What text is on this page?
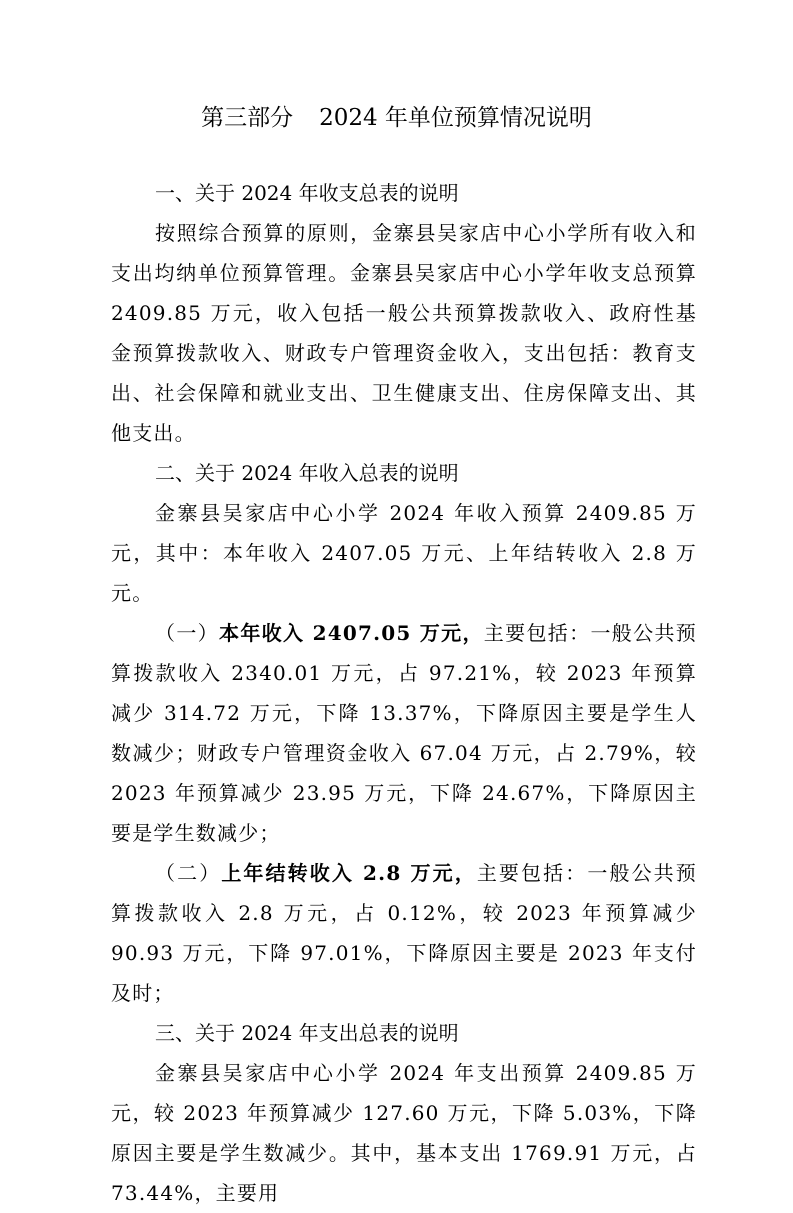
第三部分 2024 年单位预算情况说明

一、关于 2024 年收支总表的说明

按照综合预算的原则，金寨县吴家店中心小学所有收入和支出均纳单位预算管理。金寨县吴家店中心小学年收支总预算2409.85 万元，收入包括一般公共预算拨款收入、政府性基金预算拨款收入、财政专户管理资金收入，支出包括：教育支出、社会保障和就业支出、卫生健康支出、住房保障支出、其他支出。

二、关于 2024 年收入总表的说明

金寨县吴家店中心小学 2024 年收入预算 2409.85 万元，其中：本年收入 2407.05 万元、上年结转收入 2.8 万元。

（一）本年收入 2407.05 万元，主要包括：一般公共预算拨款收入 2340.01 万元，占 97.21%，较 2023 年预算减少 314.72 万元，下降 13.37%，下降原因主要是学生人数减少；财政专户管理资金收入 67.04 万元，占 2.79%，较 2023 年预算减少 23.95 万元，下降 24.67%，下降原因主要是学生数减少；

（二）上年结转收入 2.8 万元，主要包括：一般公共预算拨款收入 2.8 万元，占 0.12%，较 2023 年预算减少 90.93 万元，下降 97.01%，下降原因主要是 2023 年支付及时；

三、关于 2024 年支出总表的说明

金寨县吴家店中心小学 2024 年支出预算 2409.85 万元，较 2023 年预算减少 127.60 万元，下降 5.03%，下降原因主要是学生数减少。其中，基本支出 1769.91 万元，占 73.44%，主要用
